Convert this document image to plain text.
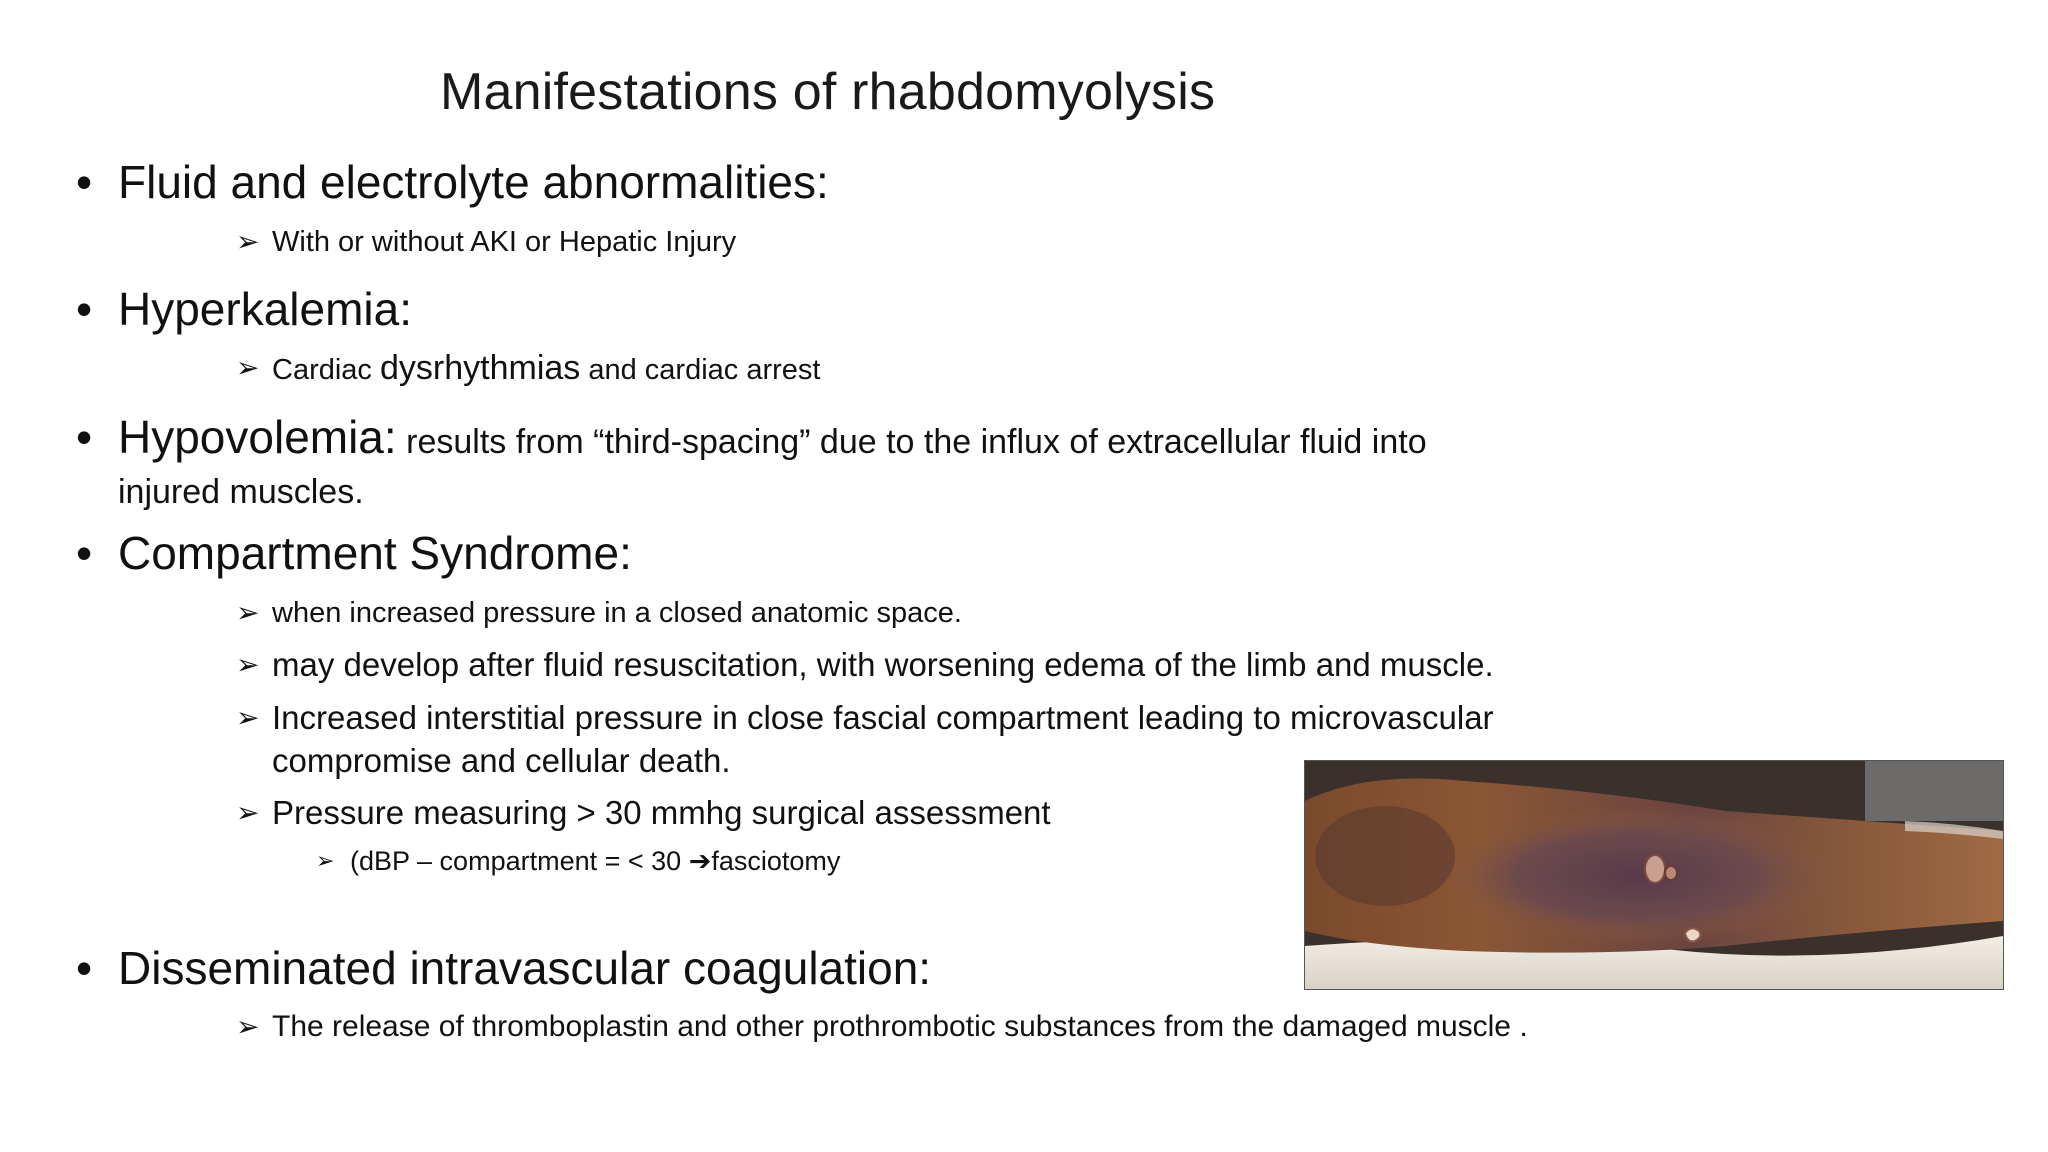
Manifestations of rhabdomyolysis
• Fluid and electrolyte abnormalities:
➢ With or without AKI or Hepatic Injury
• Hyperkalemia:
➢ Cardiac dysrhythmias and cardiac arrest
• Hypovolemia: results from “third-spacing” due to the influx of extracellular fluid into
injured muscles.
• Compartment Syndrome:
➢ when increased pressure in a closed anatomic space.
➢ may develop after fluid resuscitation, with worsening edema of the limb and muscle.
➢ Increased interstitial pressure in close fascial compartment leading to microvascular
compromise and cellular death.
➢ Pressure measuring > 30 mmhg surgical assessment
➢ (dBP – compartment = < 30 ➔fasciotomy
• Disseminated intravascular coagulation:
➢ The release of thromboplastin and other prothrombotic substances from the damaged muscle .
